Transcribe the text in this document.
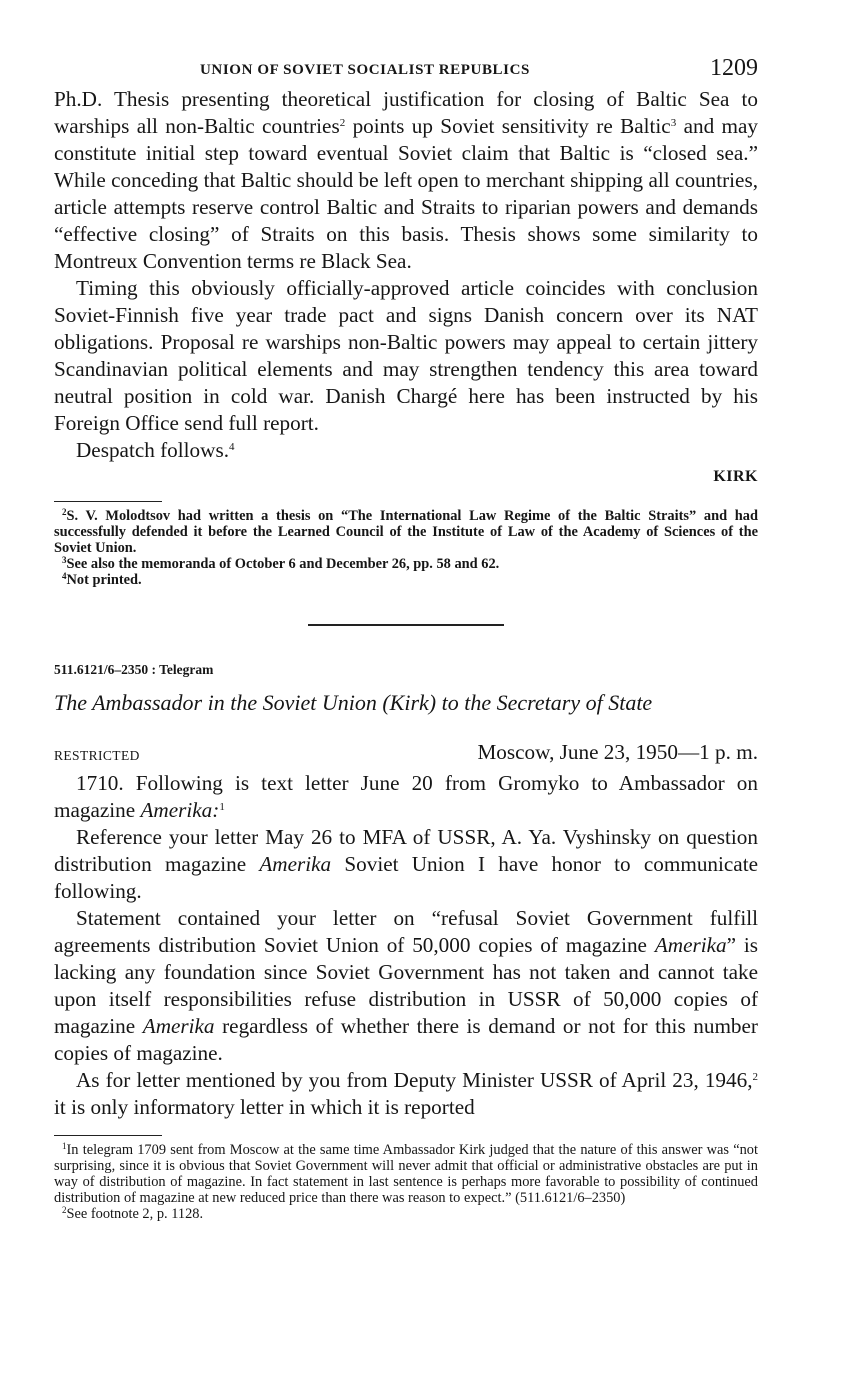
UNION OF SOVIET SOCIALIST REPUBLICS	1209

Ph.D. Thesis presenting theoretical justification for closing of Baltic Sea to warships all non-Baltic countries$^2$ points up Soviet sensitivity re Baltic$^3$ and may constitute initial step toward eventual Soviet claim that Baltic is “closed sea.” While conceding that Baltic should be left open to merchant shipping all countries, article attempts reserve control Baltic and Straits to riparian powers and demands “effective closing” of Straits on this basis. Thesis shows some similarity to Montreux Convention terms re Black Sea.

Timing this obviously officially-approved article coincides with conclusion Soviet-Finnish five year trade pact and signs Danish concern over its NAT obligations. Proposal re warships non-Baltic powers may appeal to certain jittery Scandinavian political elements and may strengthen tendency this area toward neutral position in cold war. Danish Chargé here has been instructed by his Foreign Office send full report.

Despatch follows.$^4$

KIRK

$^2$S. V. Molodtsov had written a thesis on “The International Law Regime of the Baltic Straits” and had successfully defended it before the Learned Council of the Institute of Law of the Academy of Sciences of the Soviet Union.

$^3$See also the memoranda of October 6 and December 26, pp. 58 and 62.

$^4$Not printed.

511.6121/6–2350 : Telegram
The Ambassador in the Soviet Union (Kirk) to the Secretary of State
RESTRICTED	Moscow, June 23, 1950—1 p. m.

1710. Following is text letter June 20 from Gromyko to Ambassador on magazine Amerika:$^1$

Reference your letter May 26 to MFA of USSR, A. Ya. Vyshinsky on question distribution magazine Amerika Soviet Union I have honor to communicate following.

Statement contained your letter on “refusal Soviet Government fulfill agreements distribution Soviet Union of 50,000 copies of magazine Amerika” is lacking any foundation since Soviet Government has not taken and cannot take upon itself responsibilities refuse distribution in USSR of 50,000 copies of magazine Amerika regardless of whether there is demand or not for this number copies of magazine.

As for letter mentioned by you from Deputy Minister USSR of April 23, 1946,$^2$ it is only informatory letter in which it is reported

$^1$In telegram 1709 sent from Moscow at the same time Ambassador Kirk judged that the nature of this answer was “not surprising, since it is obvious that Soviet Government will never admit that official or administrative obstacles are put in way of distribution of magazine. In fact statement in last sentence is perhaps more favorable to possibility of continued distribution of magazine at new reduced price than there was reason to expect.” (511.6121/6–2350)

$^2$See footnote 2, p. 1128.
